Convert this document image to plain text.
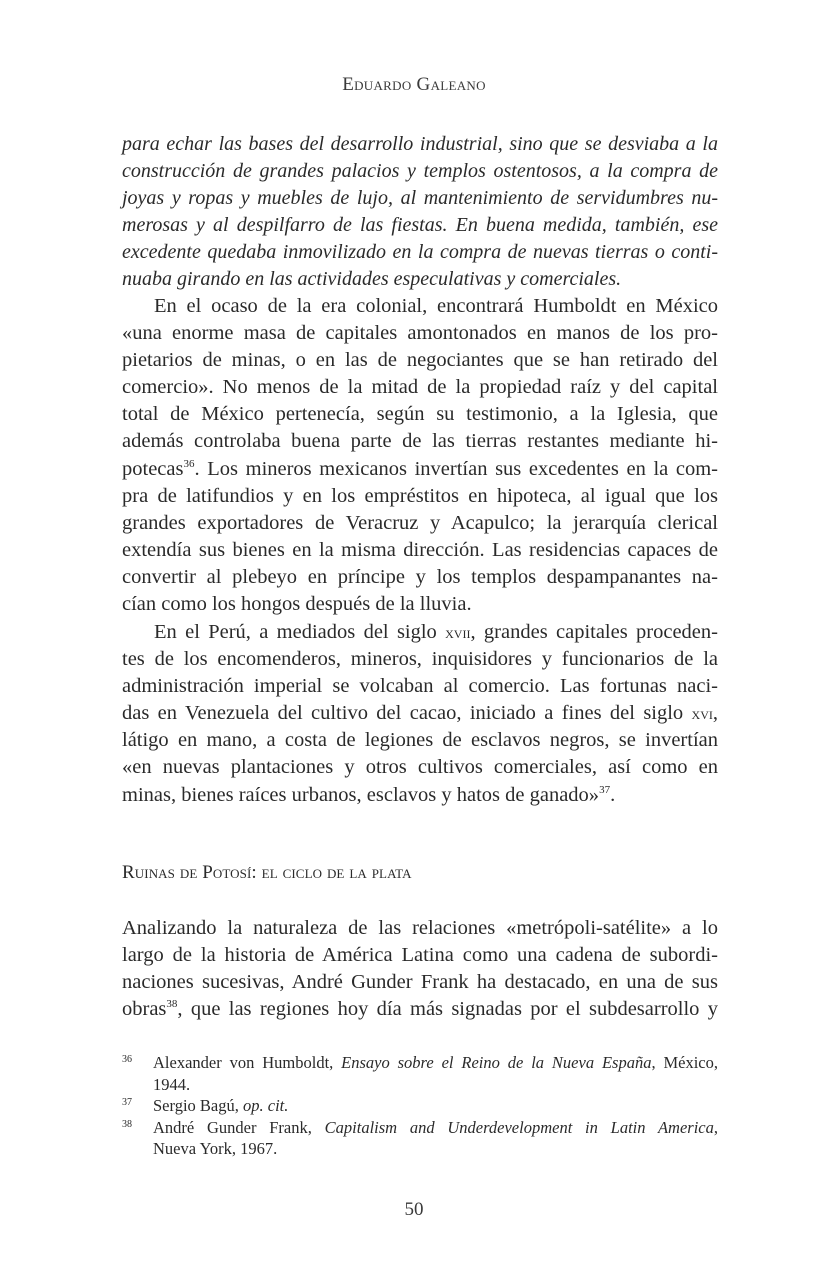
Eduardo Galeano
para echar las bases del desarrollo industrial, sino que se desviaba a la
construcción de grandes palacios y templos ostentosos, a la compra de
joyas y ropas y muebles de lujo, al mantenimiento de servidumbres nu-
merosas y al despilfarro de las fiestas. En buena medida, también, ese
excedente quedaba inmovilizado en la compra de nuevas tierras o conti-
nuaba girando en las actividades especulativas y comerciales.
En el ocaso de la era colonial, encontrará Humboldt en México
«una enorme masa de capitales amontonados en manos de los pro-
pietarios de minas, o en las de negociantes que se han retirado del
comercio». No menos de la mitad de la propiedad raíz y del capital
total de México pertenecía, según su testimonio, a la Iglesia, que
además controlaba buena parte de las tierras restantes mediante hi-
potecas$^{36}$. Los mineros mexicanos invertían sus excedentes en la com-
pra de latifundios y en los empréstitos en hipoteca, al igual que los
grandes exportadores de Veracruz y Acapulco; la jerarquía clerical
extendía sus bienes en la misma dirección. Las residencias capaces de
convertir al plebeyo en príncipe y los templos despampanantes na-
cían como los hongos después de la lluvia.
En el Perú, a mediados del siglo xvii, grandes capitales proceden-
tes de los encomenderos, mineros, inquisidores y funcionarios de la
administración imperial se volcaban al comercio. Las fortunas naci-
das en Venezuela del cultivo del cacao, iniciado a fines del siglo xvi,
látigo en mano, a costa de legiones de esclavos negros, se invertían
«en nuevas plantaciones y otros cultivos comerciales, así como en
minas, bienes raíces urbanos, esclavos y hatos de ganado»$^{37}$.
Ruinas de Potosí: el ciclo de la plata
Analizando la naturaleza de las relaciones «metrópoli-satélite» a lo
largo de la historia de América Latina como una cadena de subordi-
naciones sucesivas, André Gunder Frank ha destacado, en una de sus
obras$^{38}$, que las regiones hoy día más signadas por el subdesarrollo y
36 Alexander von Humboldt, Ensayo sobre el Reino de la Nueva España, México,
1944.
37 Sergio Bagú, op. cit.
38 André Gunder Frank, Capitalism and Underdevelopment in Latin America,
Nueva York, 1967.
50
